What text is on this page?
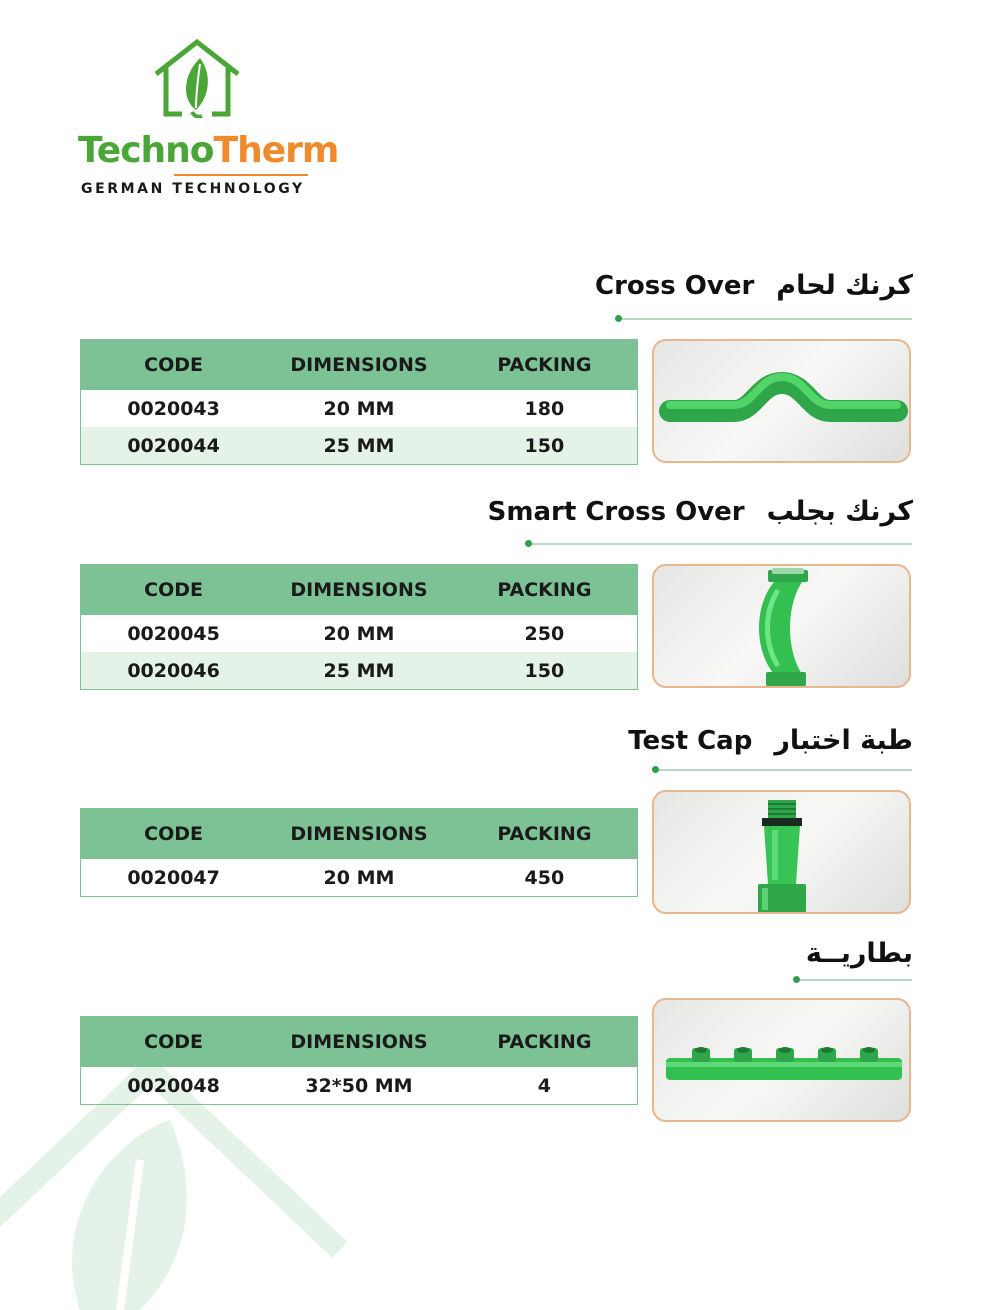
TechnoTherm
GERMAN TECHNOLOGY
Cross Over كرنك لحام
CODE	DIMENSIONS	PACKING
0020043	20 MM	180
0020044	25 MM	150
Smart Cross Over كرنك بجلب
CODE	DIMENSIONS	PACKING
0020045	20 MM	250
0020046	25 MM	150
Test Cap طبة اختبار
CODE	DIMENSIONS	PACKING
0020047	20 MM	450
بطاريــة
CODE	DIMENSIONS	PACKING
0020048	32*50 MM	4
